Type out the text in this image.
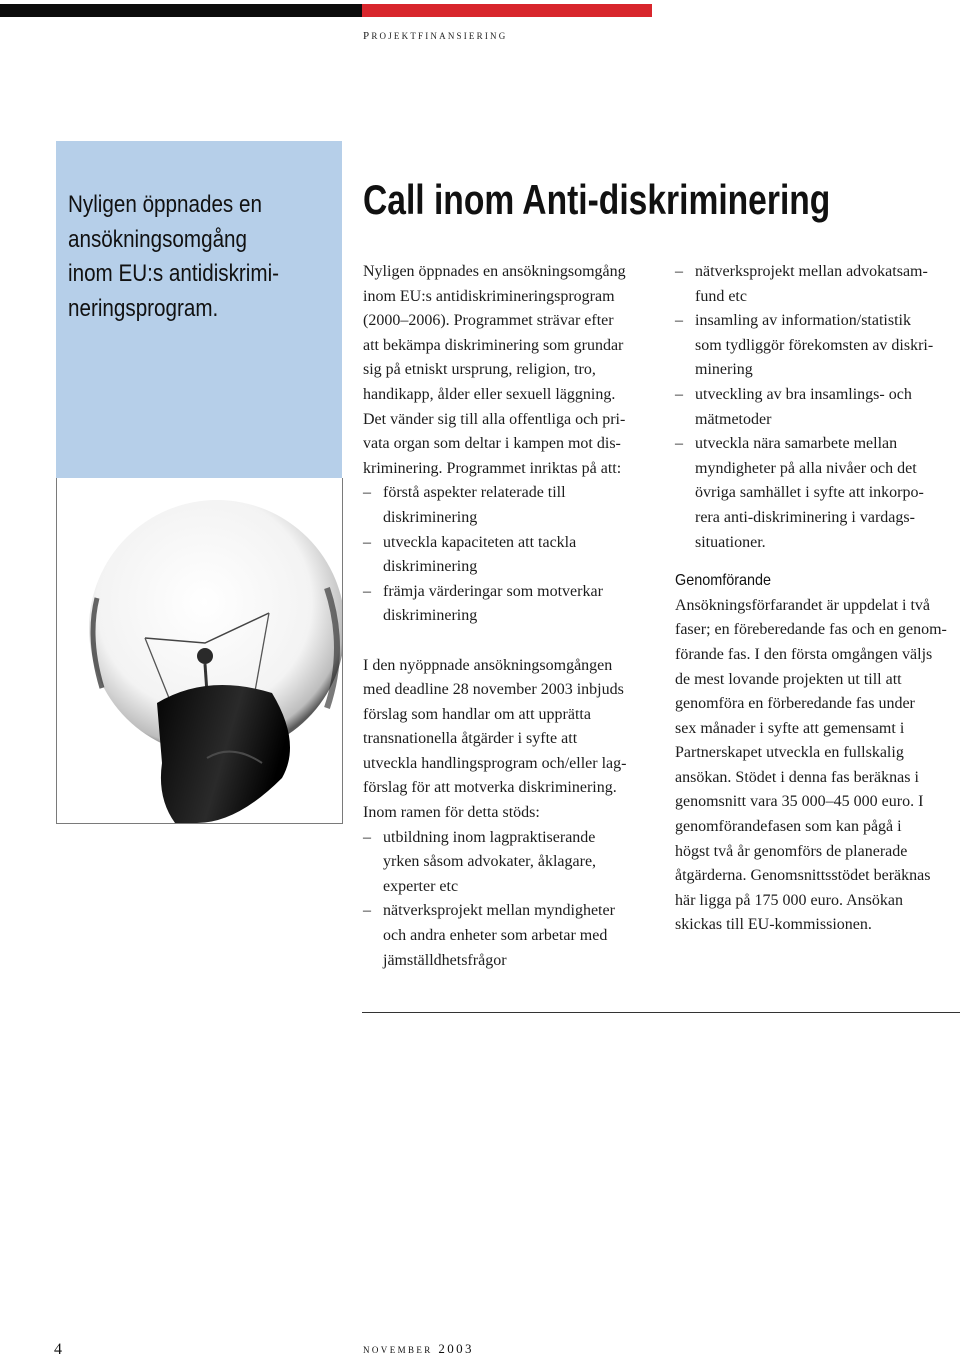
projektfinansiering
Nyligen öppnades en
ansökningsomgång
inom EU:s antidiskrimi-
neringsprogram.
Call inom Anti-diskriminering

Nyligen öppnades en ansökningsomgång

inom EU:s antidiskrimineringsprogram

(2000–2006). Programmet strävar efter

att bekämpa diskriminering som grundar

sig på etniskt ursprung, religion, tro,

handikapp, ålder eller sexuell läggning.

Det vänder sig till alla offentliga och pri-

vata organ som deltar i kampen mot dis-

kriminering. Programmet inriktas på att:

– förstå aspekter relaterade till
diskriminering
– utveckla kapaciteten att tackla
diskriminering
– främja värderingar som motverkar
diskriminering

I den nyöppnade ansökningsomgången

med deadline 28 november 2003 inbjuds

förslag som handlar om att upprätta

transnationella åtgärder i syfte att

utveckla handlingsprogram och/eller lag-

förslag för att motverka diskriminering.

Inom ramen för detta stöds:

– utbildning inom lagpraktiserande
yrken såsom advokater, åklagare,
experter etc
– nätverksprojekt mellan myndigheter
och andra enheter som arbetar med
jämställdhetsfrågor
– nätverksprojekt mellan advokatsam-
fund etc
– insamling av information/statistik
som tydliggör förekomsten av diskri-
minering
– utveckling av bra insamlings- och
mätmetoder
– utveckla nära samarbete mellan
myndigheter på alla nivåer och det
övriga samhället i syfte att inkorpo-
rera anti-diskriminering i vardags-
situationer.
Genomförande

Ansökningsförfarandet är uppdelat i två

faser; en föreberedande fas och en genom-

förande fas. I den första omgången väljs

de mest lovande projekten ut till att

genomföra en förberedande fas under

sex månader i syfte att gemensamt i

Partnerskapet utveckla en fullskalig

ansökan. Stödet i denna fas beräknas i

genomsnitt vara 35 000–45 000 euro. I

genomförandefasen som kan pågå i

högst två år genomförs de planerade

åtgärderna. Genomsnittsstödet beräknas

här ligga på 175 000 euro. Ansökan

skickas till EU-kommissionen.

4	november 2003
